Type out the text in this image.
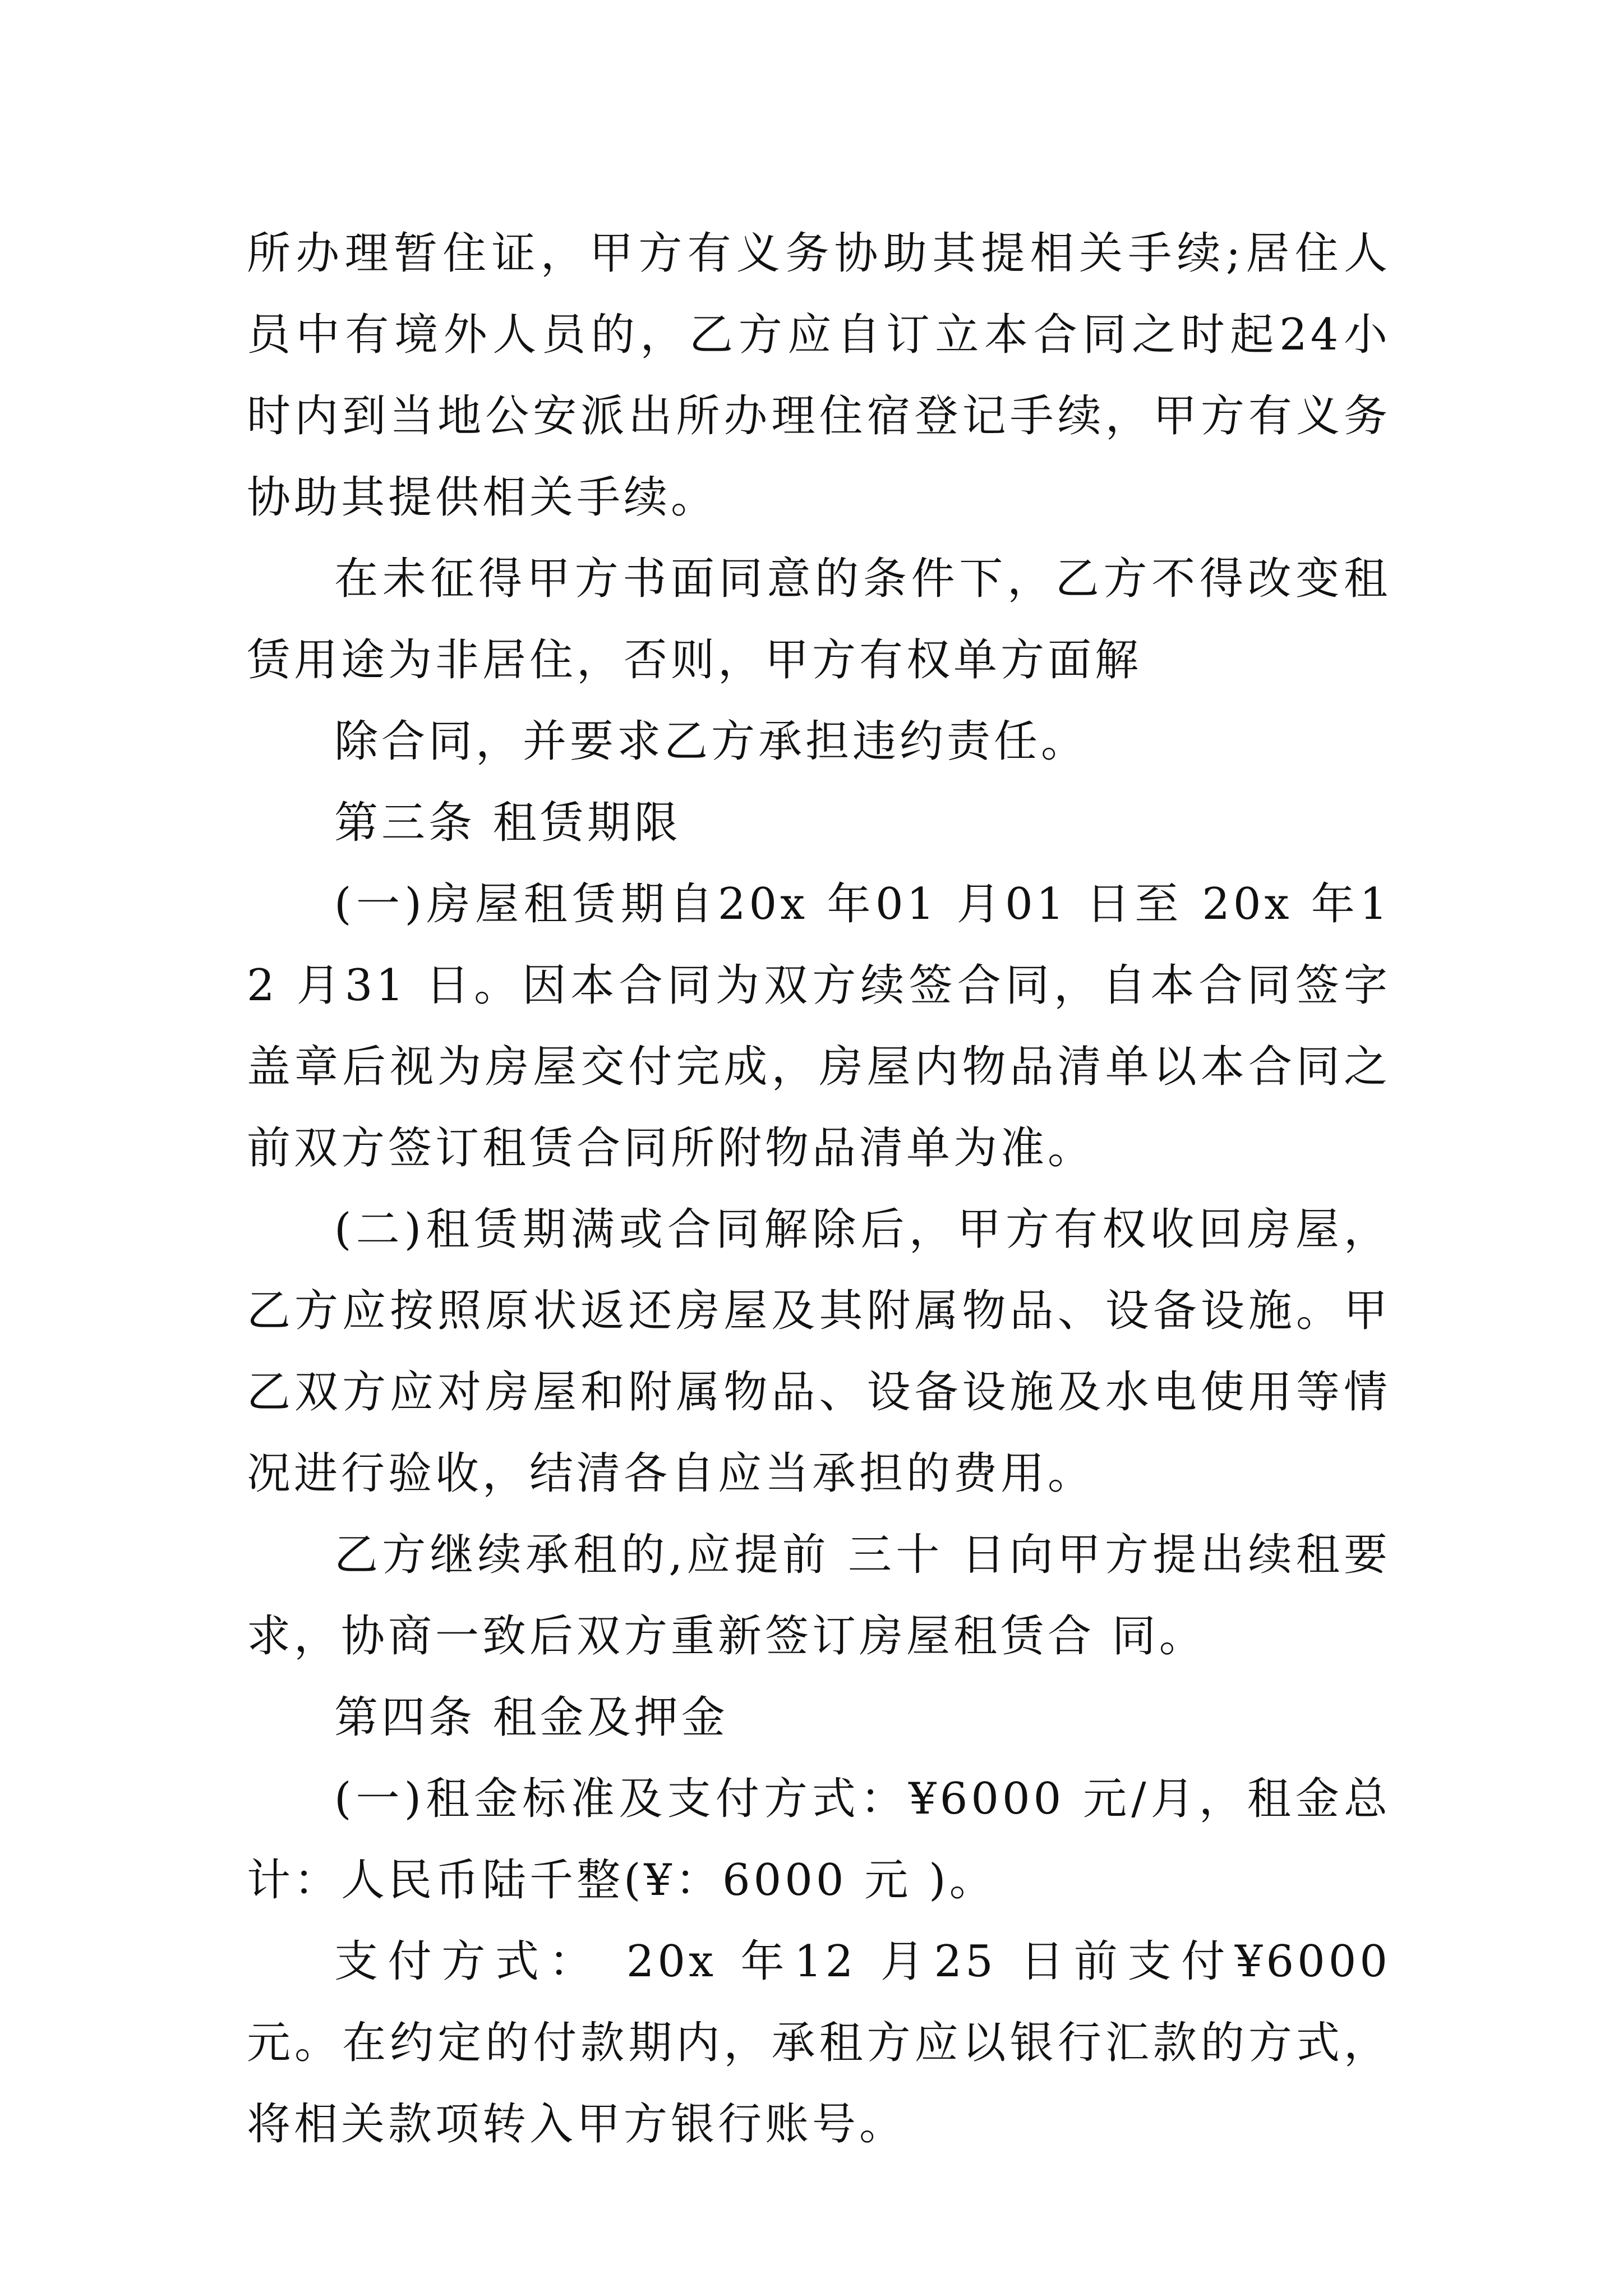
所办理暂住证，甲方有义务协助其提相关手续;居住人员中有境外人员的，乙方应自订立本合同之时起24小时内到当地公安派出所办理住宿登记手续，甲方有义务协助其提供相关手续。

在未征得甲方书面同意的条件下，乙方不得改变租赁用途为非居住，否则，甲方有权单方面解

除合同，并要求乙方承担违约责任。

第三条 租赁期限

(一)房屋租赁期自20x 年01 月01 日至 20x 年12 月31 日。因本合同为双方续签合同，自本合同签字盖章后视为房屋交付完成，房屋内物品清单以本合同之前双方签订租赁合同所附物品清单为准。

(二)租赁期满或合同解除后，甲方有权收回房屋，乙方应按照原状返还房屋及其附属物品、设备设施。甲乙双方应对房屋和附属物品、设备设施及水电使用等情况进行验收，结清各自应当承担的费用。

乙方继续承租的,应提前 三十 日向甲方提出续租要求，协商一致后双方重新签订房屋租赁合 同。

第四条 租金及押金

(一)租金标准及支付方式：¥6000 元/月，租金总计：人民币陆千整(¥：6000 元 )。

支付方式： 20x 年12 月25 日前支付¥6000 元。在约定的付款期内，承租方应以银行汇款的方式，将相关款项转入甲方银行账号。
